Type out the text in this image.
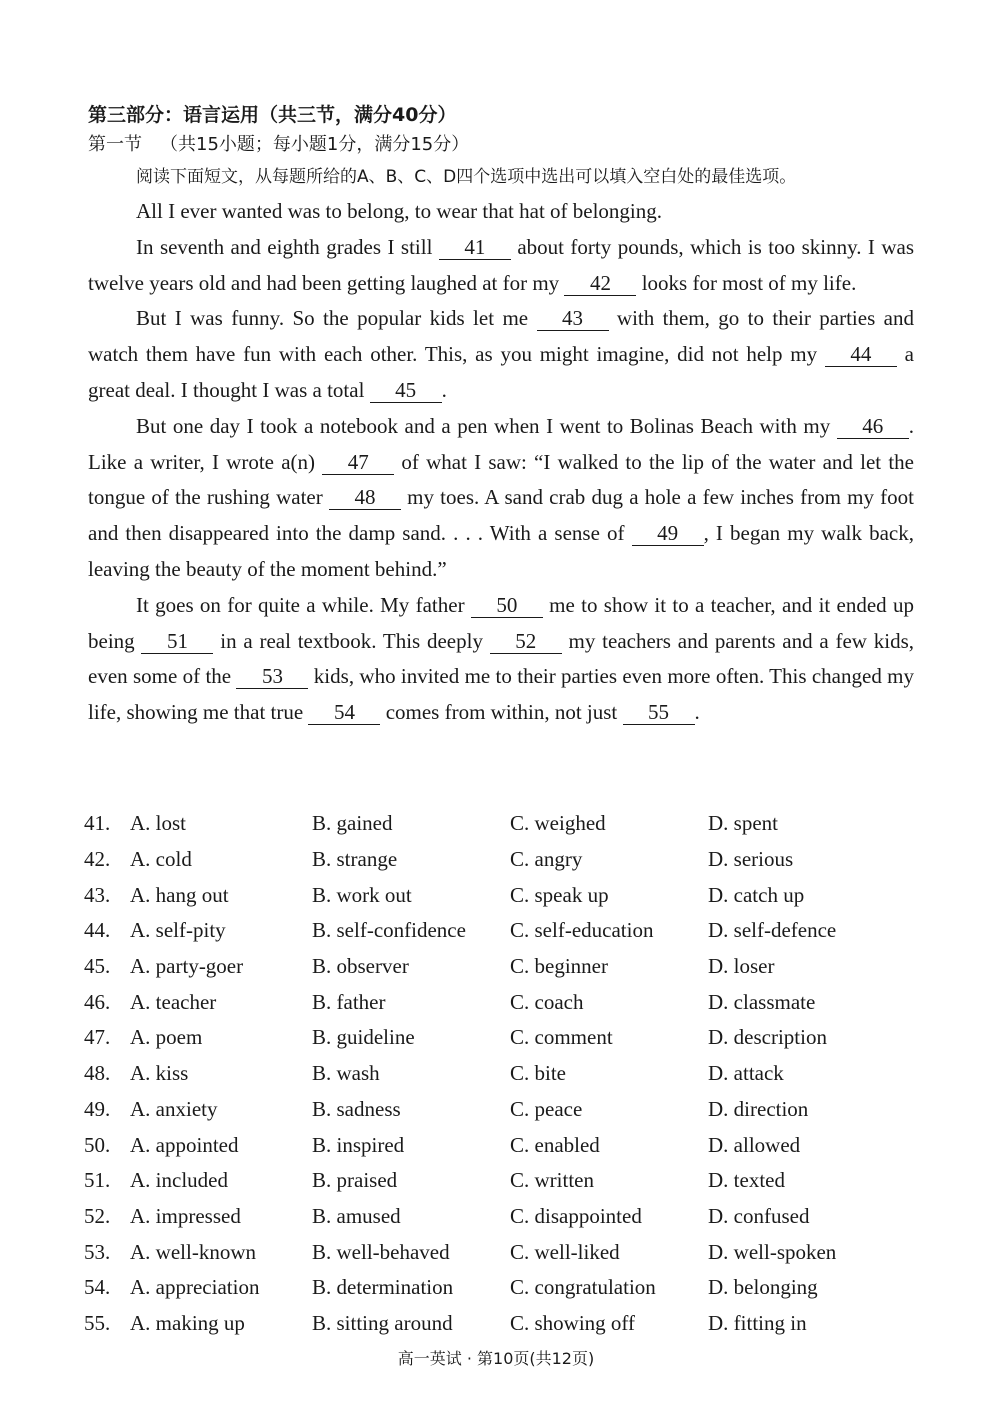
第三部分：语言运用（共三节，满分40分）

第一节 （共15小题；每小题1分，满分15分）

阅读下面短文，从每题所给的A、B、C、D四个选项中选出可以填入空白处的最佳选项。

All I ever wanted was to belong, to wear that hat of belonging.

In seventh and eighth grades I still 41 about forty pounds, which is too skinny. I was twelve years old and had been getting laughed at for my 42 looks for most of my life.

But I was funny. So the popular kids let me 43 with them, go to their parties and watch them have fun with each other. This, as you might imagine, did not help my 44 a great deal. I thought I was a total 45 .

But one day I took a notebook and a pen when I went to Bolinas Beach with my 46 . Like a writer, I wrote a(n) 47 of what I saw: “I walked to the lip of the water and let the tongue of the rushing water 48 my toes. A sand crab dug a hole a few inches from my foot and then disappeared into the damp sand. . . . With a sense of 49 , I began my walk back, leaving the beauty of the moment behind.”

It goes on for quite a while. My father 50 me to show it to a teacher, and it ended up being 51 in a real textbook. This deeply 52 my teachers and parents and a few kids, even some of the 53 kids, who invited me to their parties even more often. This changed my life, showing me that true 54 comes from within, not just 55 .

41. A. lost	B. gained	C. weighed	D. spent
42. A. cold	B. strange	C. angry	D. serious
43. A. hang out	B. work out	C. speak up	D. catch up
44. A. self-pity	B. self-confidence	C. self-education	D. self-defence
45. A. party-goer	B. observer	C. beginner	D. loser
46. A. teacher	B. father	C. coach	D. classmate
47. A. poem	B. guideline	C. comment	D. description
48. A. kiss	B. wash	C. bite	D. attack
49. A. anxiety	B. sadness	C. peace	D. direction
50. A. appointed	B. inspired	C. enabled	D. allowed
51. A. included	B. praised	C. written	D. texted
52. A. impressed	B. amused	C. disappointed	D. confused
53. A. well-known	B. well-behaved	C. well-liked	D. well-spoken
54. A. appreciation	B. determination	C. congratulation	D. belonging
55. A. making up	B. sitting around	C. showing off	D. fitting in
高一英试 · 第10页(共12页)
